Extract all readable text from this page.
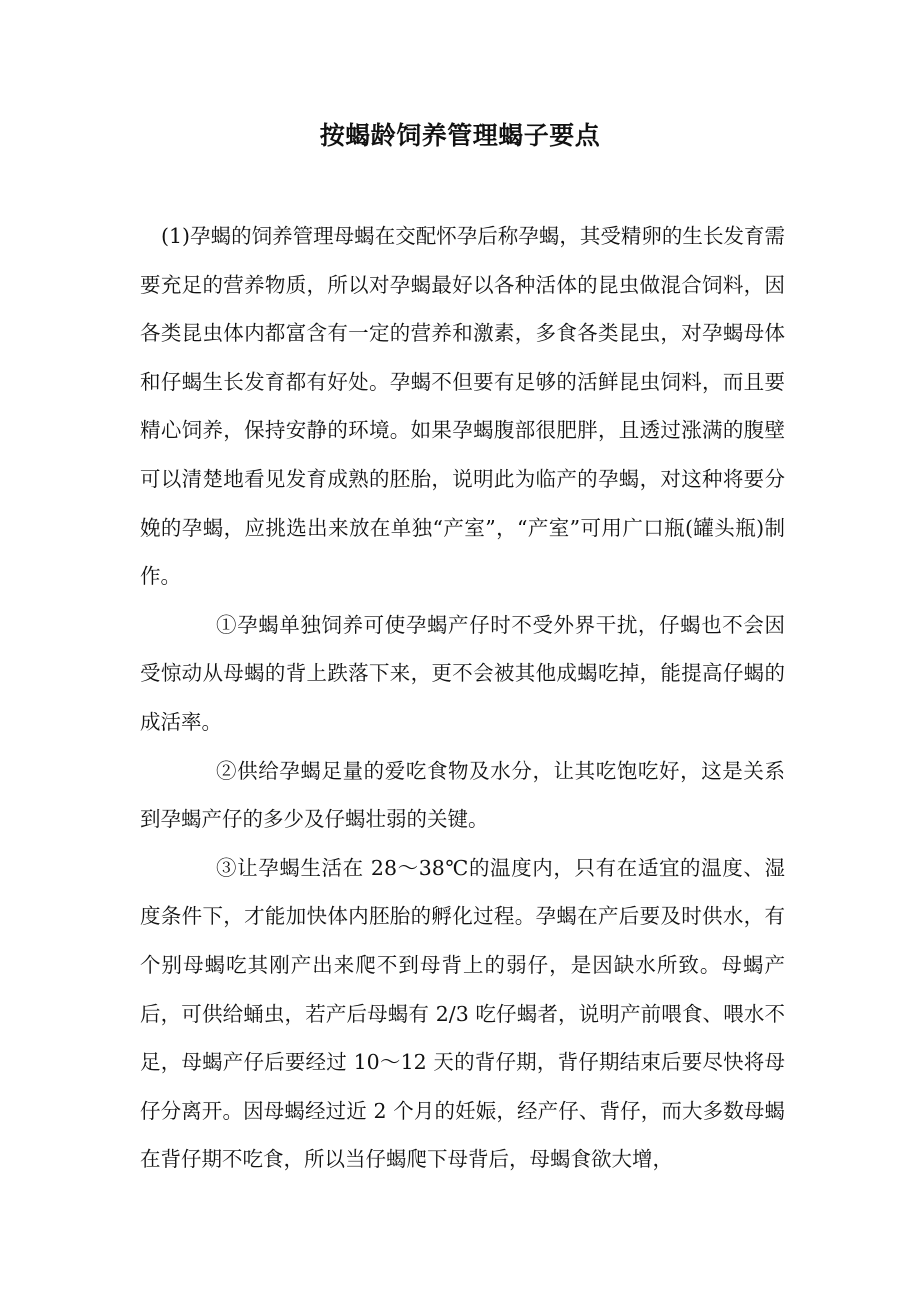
按蝎龄饲养管理蝎子要点

(1)孕蝎的饲养管理母蝎在交配怀孕后称孕蝎，其受精卵的生长发育需要充足的营养物质，所以对孕蝎最好以各种活体的昆虫做混合饲料，因各类昆虫体内都富含有一定的营养和激素，多食各类昆虫，对孕蝎母体和仔蝎生长发育都有好处。孕蝎不但要有足够的活鲜昆虫饲料，而且要精心饲养，保持安静的环境。如果孕蝎腹部很肥胖，且透过涨满的腹壁可以清楚地看见发育成熟的胚胎，说明此为临产的孕蝎，对这种将要分娩的孕蝎，应挑选出来放在单独“产室”，“产室”可用广口瓶(罐头瓶)制作。

①孕蝎单独饲养可使孕蝎产仔时不受外界干扰，仔蝎也不会因受惊动从母蝎的背上跌落下来，更不会被其他成蝎吃掉，能提高仔蝎的成活率。

②供给孕蝎足量的爱吃食物及水分，让其吃饱吃好，这是关系到孕蝎产仔的多少及仔蝎壮弱的关键。

③让孕蝎生活在 28～38℃的温度内，只有在适宜的温度、湿度条件下，才能加快体内胚胎的孵化过程。孕蝎在产后要及时供水，有个别母蝎吃其刚产出来爬不到母背上的弱仔，是因缺水所致。母蝎产后，可供给蛹虫，若产后母蝎有 2/3 吃仔蝎者，说明产前喂食、喂水不足，母蝎产仔后要经过 10～12 天的背仔期，背仔期结束后要尽快将母仔分离开。因母蝎经过近 2 个月的妊娠，经产仔、背仔，而大多数母蝎在背仔期不吃食，所以当仔蝎爬下母背后，母蝎食欲大增，
